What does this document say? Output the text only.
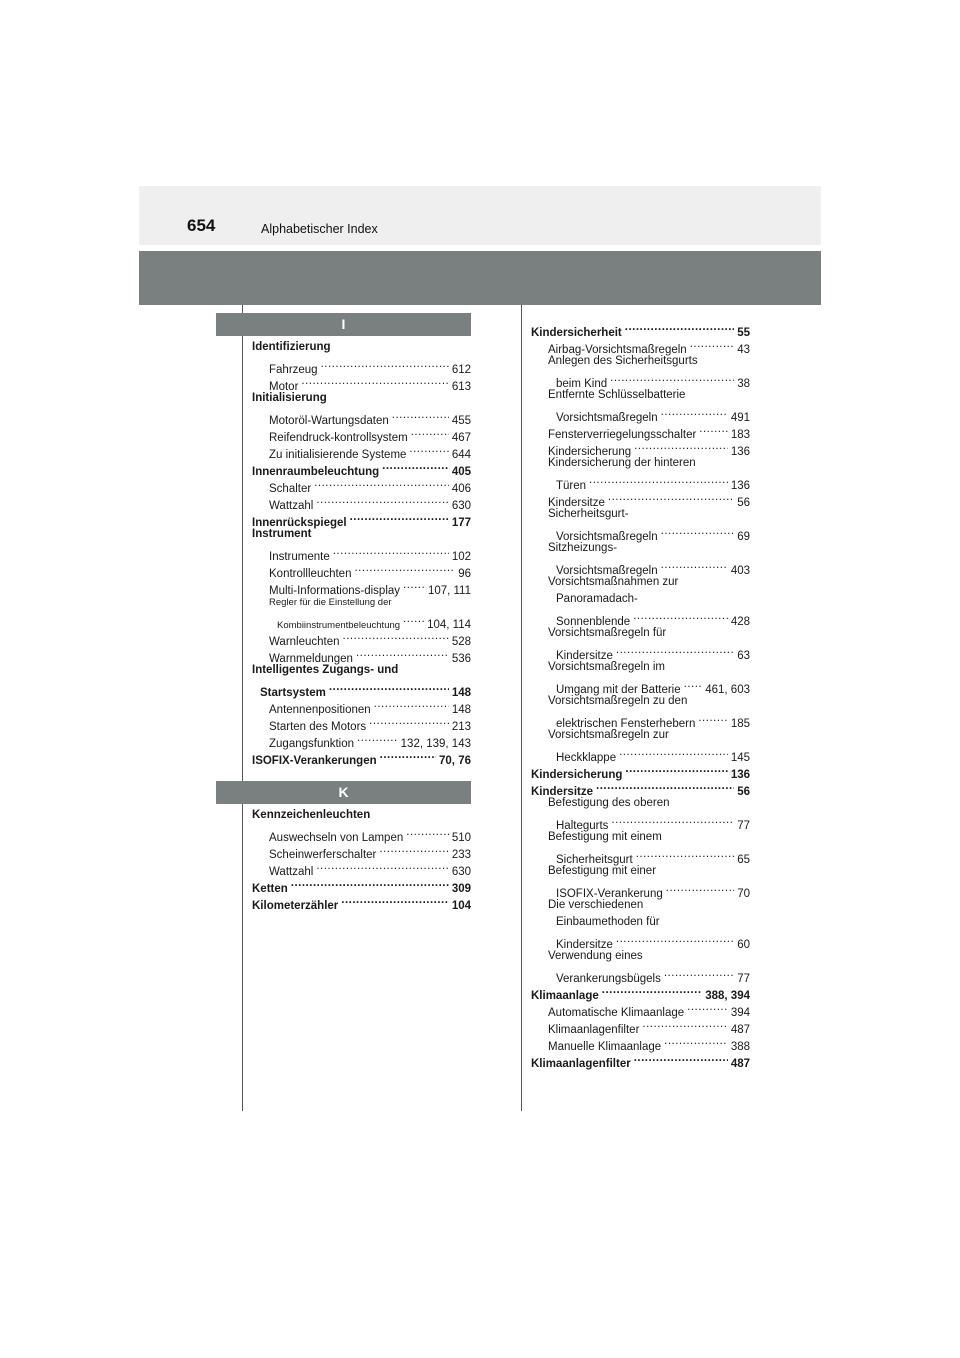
654	Alphabetischer Index
I
Identifizierung
Fahrzeug .....	612
Motor .....	613
Initialisierung
Motoröl-Wartungsdaten .....	455
Reifendruck-kontrollsystem .....	467
Zu initialisierende Systeme .....	644
Innenraumbeleuchtung .....	405
Schalter .....	406
Wattzahl .....	630
Innenrückspiegel .....	177
Instrument
Instrumente .....	102
Kontrollleuchten .....	96
Multi-Informations-display ..... 107, 111
Regler für die Einstellung der
Kombiinstrumentbeleuchtung ..... 104, 114
Warnleuchten .....	528
Warnmeldungen .....	536
Intelligentes Zugangs- und
Startsystem .....	148
Antennenpositionen .....	148
Starten des Motors .....	213
Zugangsfunktion .....	132, 139, 143
ISOFIX-Verankerungen .....	70, 76
K
Kennzeichenleuchten
Auswechseln von Lampen .....	510
Scheinwerferschalter .....	233
Wattzahl .....	630
Ketten .....	309
Kilometerzähler .....	104
Kindersicherheit .....	55
Airbag-Vorsichtsmaßregeln .....	43
Anlegen des Sicherheitsgurts
beim Kind .....	38
Entfernte Schlüsselbatterie
Vorsichtsmaßregeln .....	491
Fensterverriegelungsschalter .....	183
Kindersicherung .....	136
Kindersicherung der hinteren
Türen .....	136
Kindersitze .....	56
Sicherheitsgurt-
Vorsichtsmaßregeln .....	69
Sitzheizungs-
Vorsichtsmaßregeln .....	403
Vorsichtsmaßnahmen zur
Panoramadach-
Sonnenblende .....	428
Vorsichtsmaßregeln für
Kindersitze .....	63
Vorsichtsmaßregeln im
Umgang mit der Batterie ..... 461, 603
Vorsichtsmaßregeln zu den
elektrischen Fensterhebern .....	185
Vorsichtsmaßregeln zur
Heckklappe .....	145
Kindersicherung .....	136
Kindersitze .....	56
Befestigung des oberen
Haltegurts .....	77
Befestigung mit einem
Sicherheitsgurt .....	65
Befestigung mit einer
ISOFIX-Verankerung .....	70
Die verschiedenen
Einbaumethoden für
Kindersitze .....	60
Verwendung eines
Verankerungsbügels .....	77
Klimaanlage .....	388, 394
Automatische Klimaanlage .....	394
Klimaanlagenfilter .....	487
Manuelle Klimaanlage .....	388
Klimaanlagenfilter .....	487
